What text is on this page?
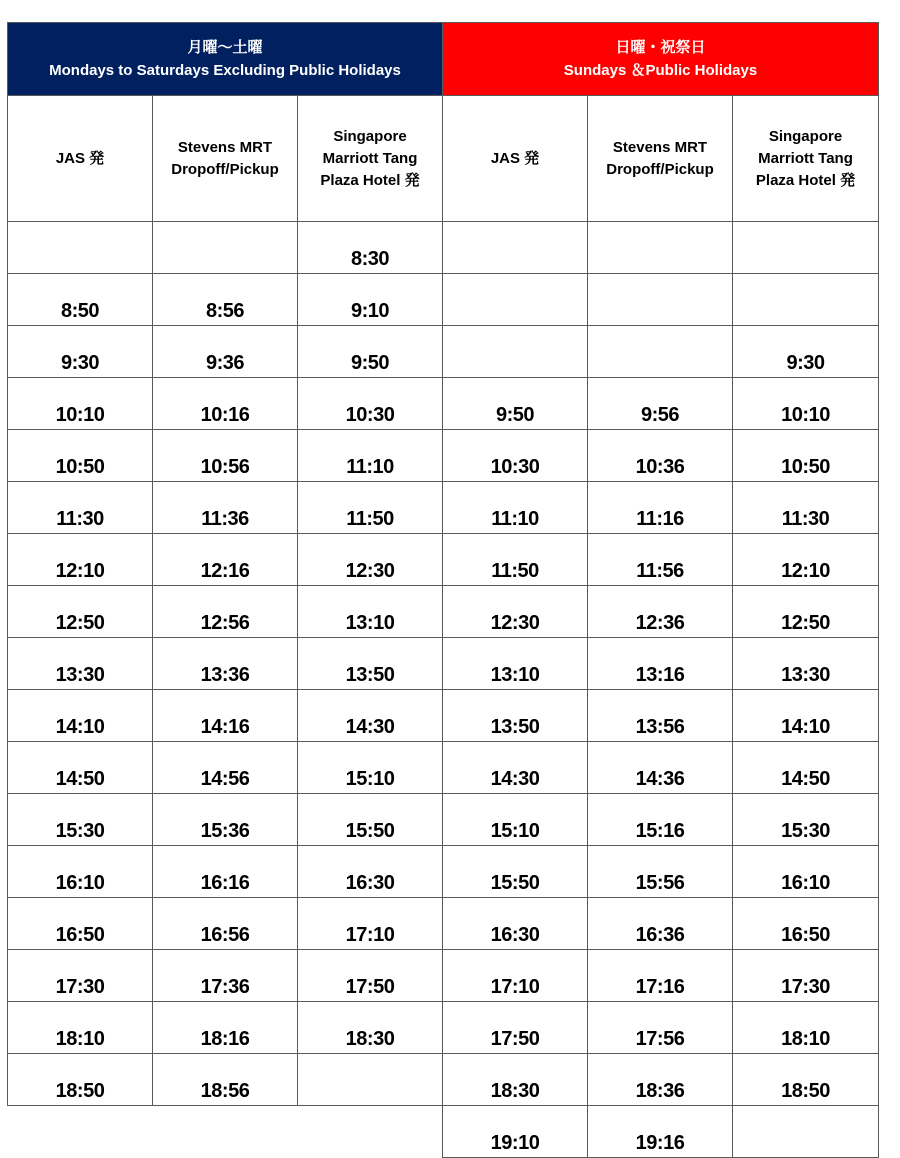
月曜〜土曜
Mondays to Saturdays Excluding Public Holidays			日曜・祝祭日
Sundays ＆Public Holidays		

JAS 発	Stevens MRT Dropoff/Pickup	Singapore Marriott Tang Plaza Hotel 発	JAS 発	Stevens MRT Dropoff/Pickup	Singapore Marriott Tang Plaza Hotel 発
		8:30			
8:50	8:56	9:10			
9:30	9:36	9:50			9:30
10:10	10:16	10:30	9:50	9:56	10:10
10:50	10:56	11:10	10:30	10:36	10:50
11:30	11:36	11:50	11:10	11:16	11:30
12:10	12:16	12:30	11:50	11:56	12:10
12:50	12:56	13:10	12:30	12:36	12:50
13:30	13:36	13:50	13:10	13:16	13:30
14:10	14:16	14:30	13:50	13:56	14:10
14:50	14:56	15:10	14:30	14:36	14:50
15:30	15:36	15:50	15:10	15:16	15:30
16:10	16:16	16:30	15:50	15:56	16:10
16:50	16:56	17:10	16:30	16:36	16:50
17:30	17:36	17:50	17:10	17:16	17:30
18:10	18:16	18:30	17:50	17:56	18:10
18:50	18:56		18:30	18:36	18:50
			19:10	19:16	
